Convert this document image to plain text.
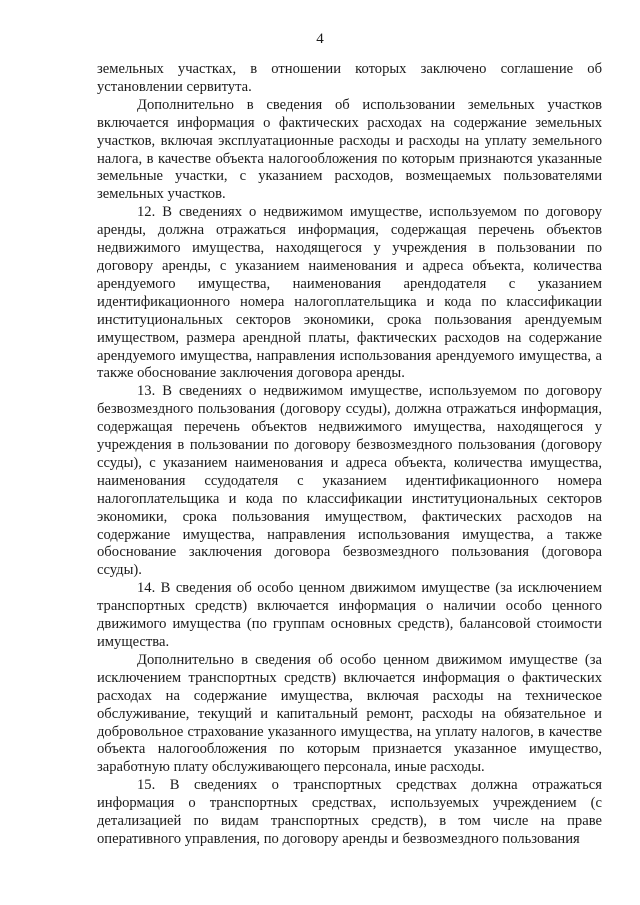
4

земельных участках, в отношении которых заключено соглашение об установлении сервитута.

Дополнительно в сведения об использовании земельных участков включается информация о фактических расходах на содержание земельных участков, включая эксплуатационные расходы и расходы на уплату земельного налога, в качестве объекта налогообложения по которым признаются указанные земельные участки, с указанием расходов, возмещаемых пользователями земельных участков.

12. В сведениях о недвижимом имуществе, используемом по договору аренды, должна отражаться информация, содержащая перечень объектов недвижимого имущества, находящегося у учреждения в пользовании по договору аренды, с указанием наименования и адреса объекта, количества арендуемого имущества, наименования арендодателя с указанием идентификационного номера налогоплательщика и кода по классификации институциональных секторов экономики, срока пользования арендуемым имуществом, размера арендной платы, фактических расходов на содержание арендуемого имущества, направления использования арендуемого имущества, а также обоснование заключения договора аренды.

13. В сведениях о недвижимом имуществе, используемом по договору безвозмездного пользования (договору ссуды), должна отражаться информация, содержащая перечень объектов недвижимого имущества, находящегося у учреждения в пользовании по договору безвозмездного пользования (договору ссуды), с указанием наименования и адреса объекта, количества имущества, наименования ссудодателя с указанием идентификационного номера налогоплательщика и кода по классификации институциональных секторов экономики, срока пользования имуществом, фактических расходов на содержание имущества, направления использования имущества, а также обоснование заключения договора безвозмездного пользования (договора ссуды).

14. В сведения об особо ценном движимом имуществе (за исключением транспортных средств) включается информация о наличии особо ценного движимого имущества (по группам основных средств), балансовой стоимости имущества.

Дополнительно в сведения об особо ценном движимом имуществе (за исключением транспортных средств) включается информация о фактических расходах на содержание имущества, включая расходы на техническое обслуживание, текущий и капитальный ремонт, расходы на обязательное и добровольное страхование указанного имущества, на уплату налогов, в качестве объекта налогообложения по которым признается указанное имущество, заработную плату обслуживающего персонала, иные расходы.

15. В сведениях о транспортных средствах должна отражаться информация о транспортных средствах, используемых учреждением (с детализацией по видам транспортных средств), в том числе на праве оперативного управления, по договору аренды и безвозмездного пользования
